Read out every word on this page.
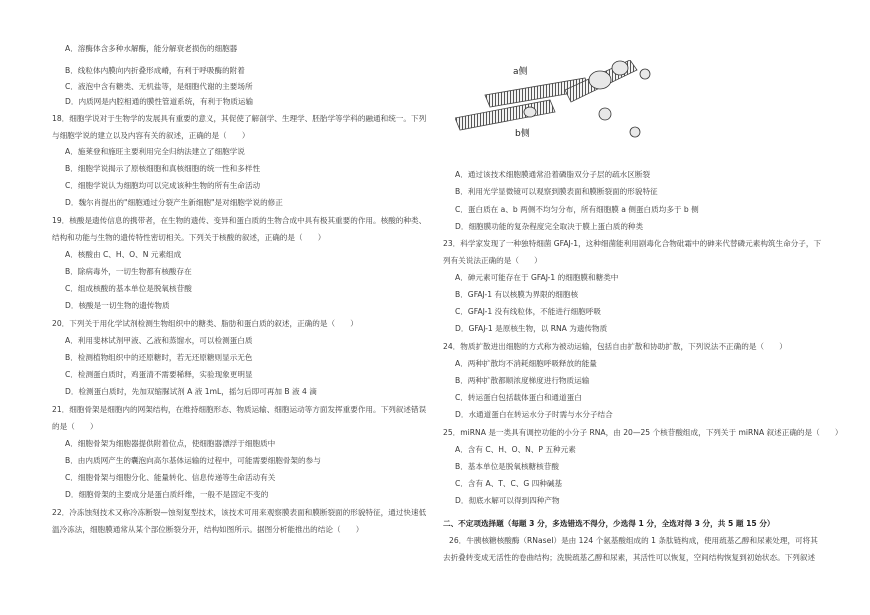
A．溶酶体含多种水解酶，能分解衰老损伤的细胞器
B．线粒体内膜向内折叠形成嵴，有利于呼吸酶的附着
C．液泡中含有糖类、无机盐等，是细胞代谢的主要场所
D．内质网是内腔相通的膜性管道系统，有利于物质运输
18．细胞学说对于生物学的发展具有重要的意义，其促使了解剖学、生理学、胚胎学等学科的融通和统一。下列
与细胞学说的建立以及内容有关的叙述，正确的是（　　）
A．施莱登和施旺主要利用完全归纳法建立了细胞学说
B．细胞学说揭示了原核细胞和真核细胞的统一性和多样性
C．细胞学说认为细胞均可以完成该种生物的所有生命活动
D．魏尔肖提出的"细胞通过分裂产生新细胞"是对细胞学说的修正
19．核酸是遗传信息的携带者，在生物的遗传、变异和蛋白质的生物合成中具有极其重要的作用。核酸的种类、
结构和功能与生物的遗传特性密切相关。下列关于核酸的叙述，正确的是（　　）
A．核酸由 C、H、O、N 元素组成
B．除病毒外，一切生物都有核酸存在
C．组成核酸的基本单位是脱氧核苷酸
D．核酸是一切生物的遗传物质
20．下列关于用化学试剂检测生物组织中的糖类、脂肪和蛋白质的叙述，正确的是（　　）
A．利用斐林试剂甲液、乙液和蒸馏水，可以检测蛋白质
B．检测植物组织中的还原糖时，若无还原糖则显示无色
C．检测蛋白质时，鸡蛋清不需要稀释，实验现象更明显
D．检测蛋白质时，先加双缩脲试剂 A 液 1mL，摇匀后即可再加 B 液 4 滴
21．细胞骨架是细胞内的网架结构，在维持细胞形态、物质运输、细胞运动等方面发挥重要作用。下列叙述错误
的是（　　）
A．细胞骨架为细胞器提供附着位点，使细胞器漂浮于细胞质中
B．由内质网产生的囊泡向高尔基体运输的过程中，可能需要细胞骨架的参与
C．细胞骨架与细胞分化、能量转化、信息传递等生命活动有关
D．细胞骨架的主要成分是蛋白质纤维，一般不是固定不变的
22．冷冻蚀刻技术又称冷冻断裂—蚀刻复型技术，该技术可用来观察膜表面和膜断裂面的形貌特征，通过快速低
温冷冻法，细胞膜通常从某个部位断裂分开，结构如图所示。据图分析能推出的结论（　　）
a侧
b侧
A．通过该技术细胞膜通常沿着磷脂双分子层的疏水区断裂
B．利用光学显微镜可以观察到膜表面和膜断裂面的形貌特征
C．蛋白质在 a、b 两侧不均匀分布，所有细胞膜 a 侧蛋白质均多于 b 侧
D．细胞膜功能的复杂程度完全取决于膜上蛋白质的种类
23．科学家发现了一种独特细菌 GFAJ-1，这种细菌能利用剧毒化合物砒霜中的砷来代替磷元素构筑生命分子，下
列有关说法正确的是（　　）
A．砷元素可能存在于 GFAJ-1 的细胞膜和糖类中
B．GFAJ-1 有以核膜为界限的细胞核
C．GFAJ-1 没有线粒体，不能进行细胞呼吸
D．GFAJ-1 是原核生物，以 RNA 为遗传物质
24．物质扩散进出细胞的方式称为被动运输，包括自由扩散和协助扩散，下列说法不正确的是（　　）
A．两种扩散均不消耗细胞呼吸释放的能量
B．两种扩散都顺浓度梯度进行物质运输
C．转运蛋白包括载体蛋白和通道蛋白
D．水通道蛋白在转运水分子时需与水分子结合
25．miRNA 是一类具有调控功能的小分子 RNA，由 20—25 个核苷酸组成，下列关于 miRNA 叙述正确的是（　　）
A．含有 C、H、O、N、P 五种元素
B．基本单位是脱氧核糖核苷酸
C．含有 A、T、C、G 四种碱基
D．彻底水解可以得到四种产物
二、不定项选择题（每题 3 分，多选错选不得分，少选得 1 分，全选对得 3 分，共 5 题 15 分）
26．牛胰核糖核酸酶（RNaseI）是由 124 个氨基酸组成的 1 条肽链构成，使用巯基乙醇和尿素处理，可将其
去折叠转变成无活性的卷曲结构；洗脱巯基乙醇和尿素，其活性可以恢复，空间结构恢复到初始状态。下列叙述
